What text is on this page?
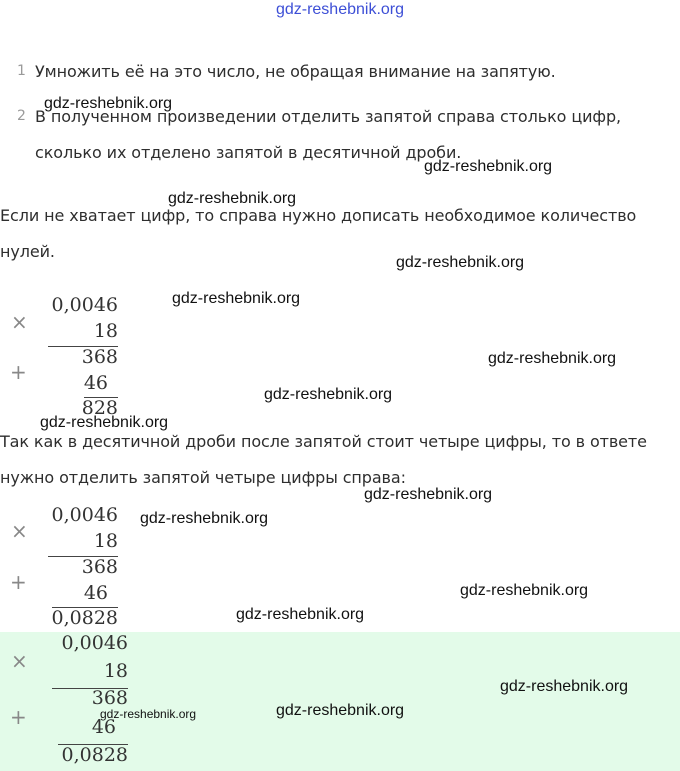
gdz-reshebnik.org
1 Умножить её на это число, не обращая внимание на запятую.
2 В полученном произведении отделить запятой справа столько цифр,
сколько их отделено запятой в десятичной дроби.
Если не хватает цифр, то справа нужно дописать необходимое количество
нулей.
×
+
0,0046
18
368
46
828
Так как в десятичной дроби после запятой стоит четыре цифры, то в ответе
нужно отделить запятой четыре цифры справа:
×
+
0,0046
18
368
46
0,0828
×
+
0,0046
18
368
46
0,0828
gdz-reshebnik.org
gdz-reshebnik.org
gdz-reshebnik.org
gdz-reshebnik.org
gdz-reshebnik.org
gdz-reshebnik.org
gdz-reshebnik.org
gdz-reshebnik.org
gdz-reshebnik.org
gdz-reshebnik.org
gdz-reshebnik.org
gdz-reshebnik.org
gdz-reshebnik.org
gdz-reshebnik.org
gdz-reshebnik.org
